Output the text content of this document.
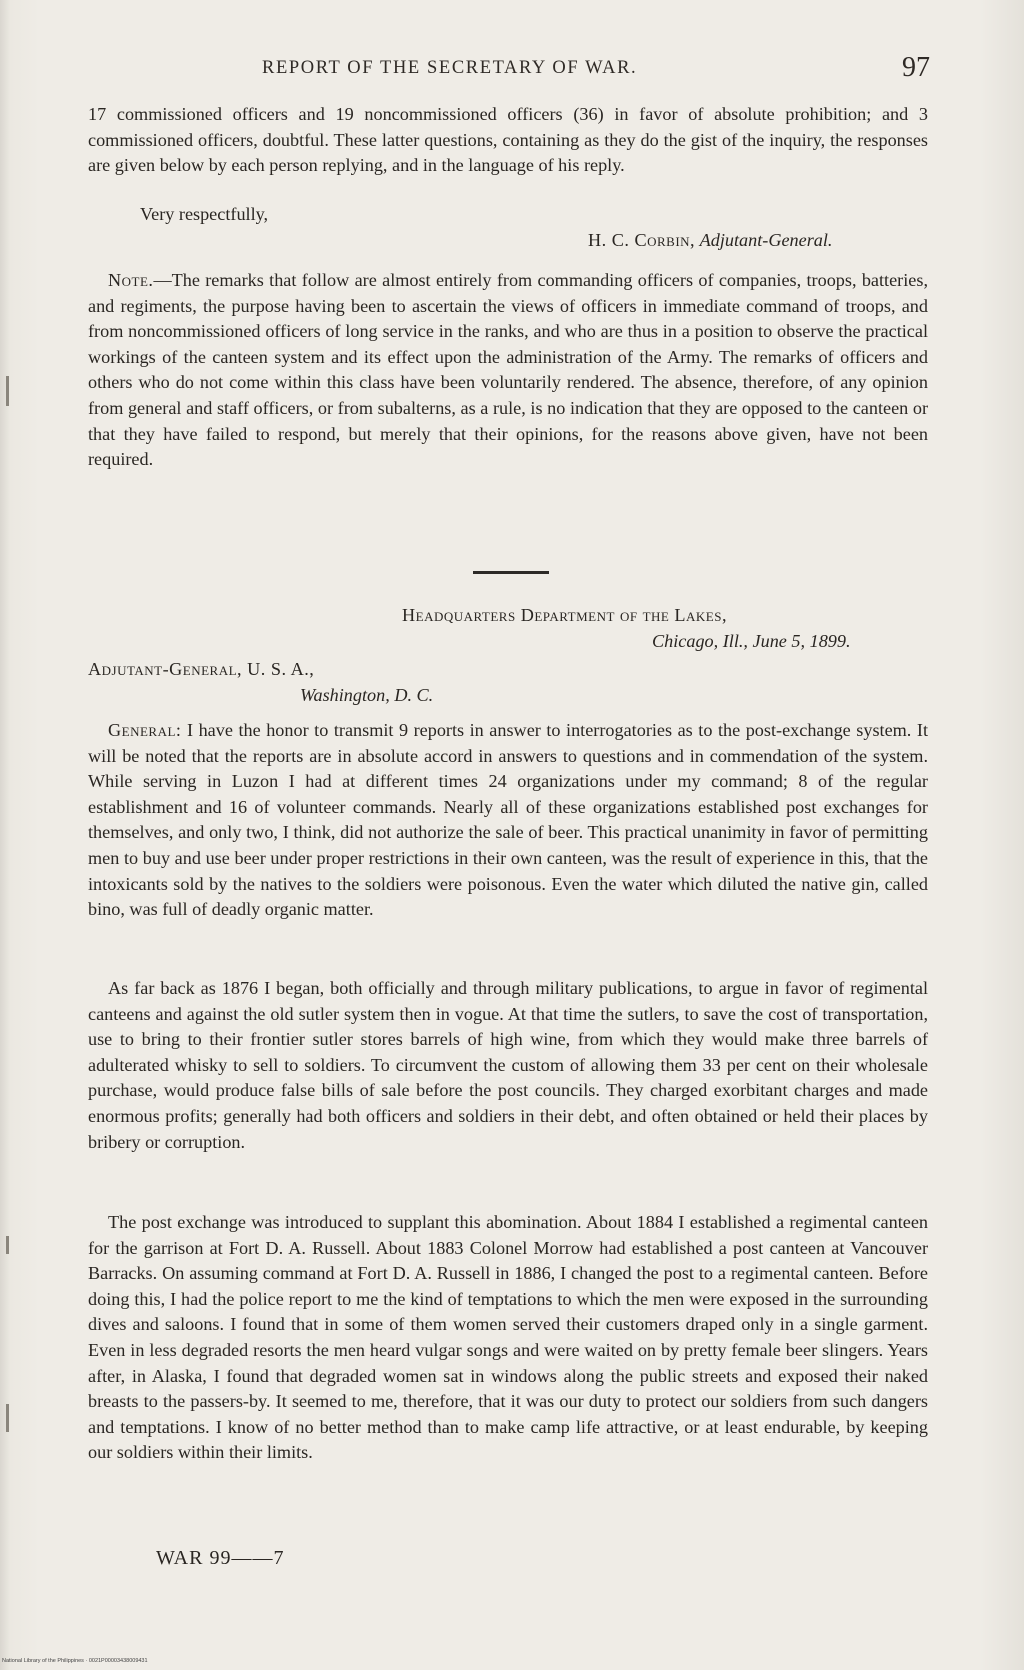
REPORT OF THE SECRETARY OF WAR.	97

17 commissioned officers and 19 noncommissioned officers (36) in favor of absolute prohibition; and 3 commissioned officers, doubtful. These latter questions, containing as they do the gist of the inquiry, the responses are given below by each person replying, and in the language of his reply.

Very respectfully,
H. C. Corbin, Adjutant-General.

Note.—The remarks that follow are almost entirely from commanding officers of companies, troops, batteries, and regiments, the purpose having been to ascertain the views of officers in immediate command of troops, and from noncommissioned officers of long service in the ranks, and who are thus in a position to observe the practical workings of the canteen system and its effect upon the administration of the Army. The remarks of officers and others who do not come within this class have been voluntarily rendered. The absence, therefore, of any opinion from general and staff officers, or from subalterns, as a rule, is no indication that they are opposed to the canteen or that they have failed to respond, but merely that their opinions, for the reasons above given, have not been required.

Headquarters Department of the Lakes,
Chicago, Ill., June 5, 1899.
Adjutant-General, U. S. A.,
Washington, D. C.

General: I have the honor to transmit 9 reports in answer to interrogatories as to the post-exchange system. It will be noted that the reports are in absolute accord in answers to questions and in commendation of the system. While serving in Luzon I had at different times 24 organizations under my command; 8 of the regular establishment and 16 of volunteer commands. Nearly all of these organizations established post exchanges for themselves, and only two, I think, did not authorize the sale of beer. This practical unanimity in favor of permitting men to buy and use beer under proper restrictions in their own canteen, was the result of experience in this, that the intoxicants sold by the natives to the soldiers were poisonous. Even the water which diluted the native gin, called bino, was full of deadly organic matter.

As far back as 1876 I began, both officially and through military publications, to argue in favor of regimental canteens and against the old sutler system then in vogue. At that time the sutlers, to save the cost of transportation, use to bring to their frontier sutler stores barrels of high wine, from which they would make three barrels of adulterated whisky to sell to soldiers. To circumvent the custom of allowing them 33 per cent on their wholesale purchase, would produce false bills of sale before the post councils. They charged exorbitant charges and made enormous profits; generally had both officers and soldiers in their debt, and often obtained or held their places by bribery or corruption.

The post exchange was introduced to supplant this abomination. About 1884 I established a regimental canteen for the garrison at Fort D. A. Russell. About 1883 Colonel Morrow had established a post canteen at Vancouver Barracks. On assuming command at Fort D. A. Russell in 1886, I changed the post to a regimental canteen. Before doing this, I had the police report to me the kind of temptations to which the men were exposed in the surrounding dives and saloons. I found that in some of them women served their customers draped only in a single garment. Even in less degraded resorts the men heard vulgar songs and were waited on by pretty female beer slingers. Years after, in Alaska, I found that degraded women sat in windows along the public streets and exposed their naked breasts to the passers-by. It seemed to me, therefore, that it was our duty to protect our soldiers from such dangers and temptations. I know of no better method than to make camp life attractive, or at least endurable, by keeping our soldiers within their limits.

WAR 99——7
National Library of the Philippines · 0021P00003438009431
